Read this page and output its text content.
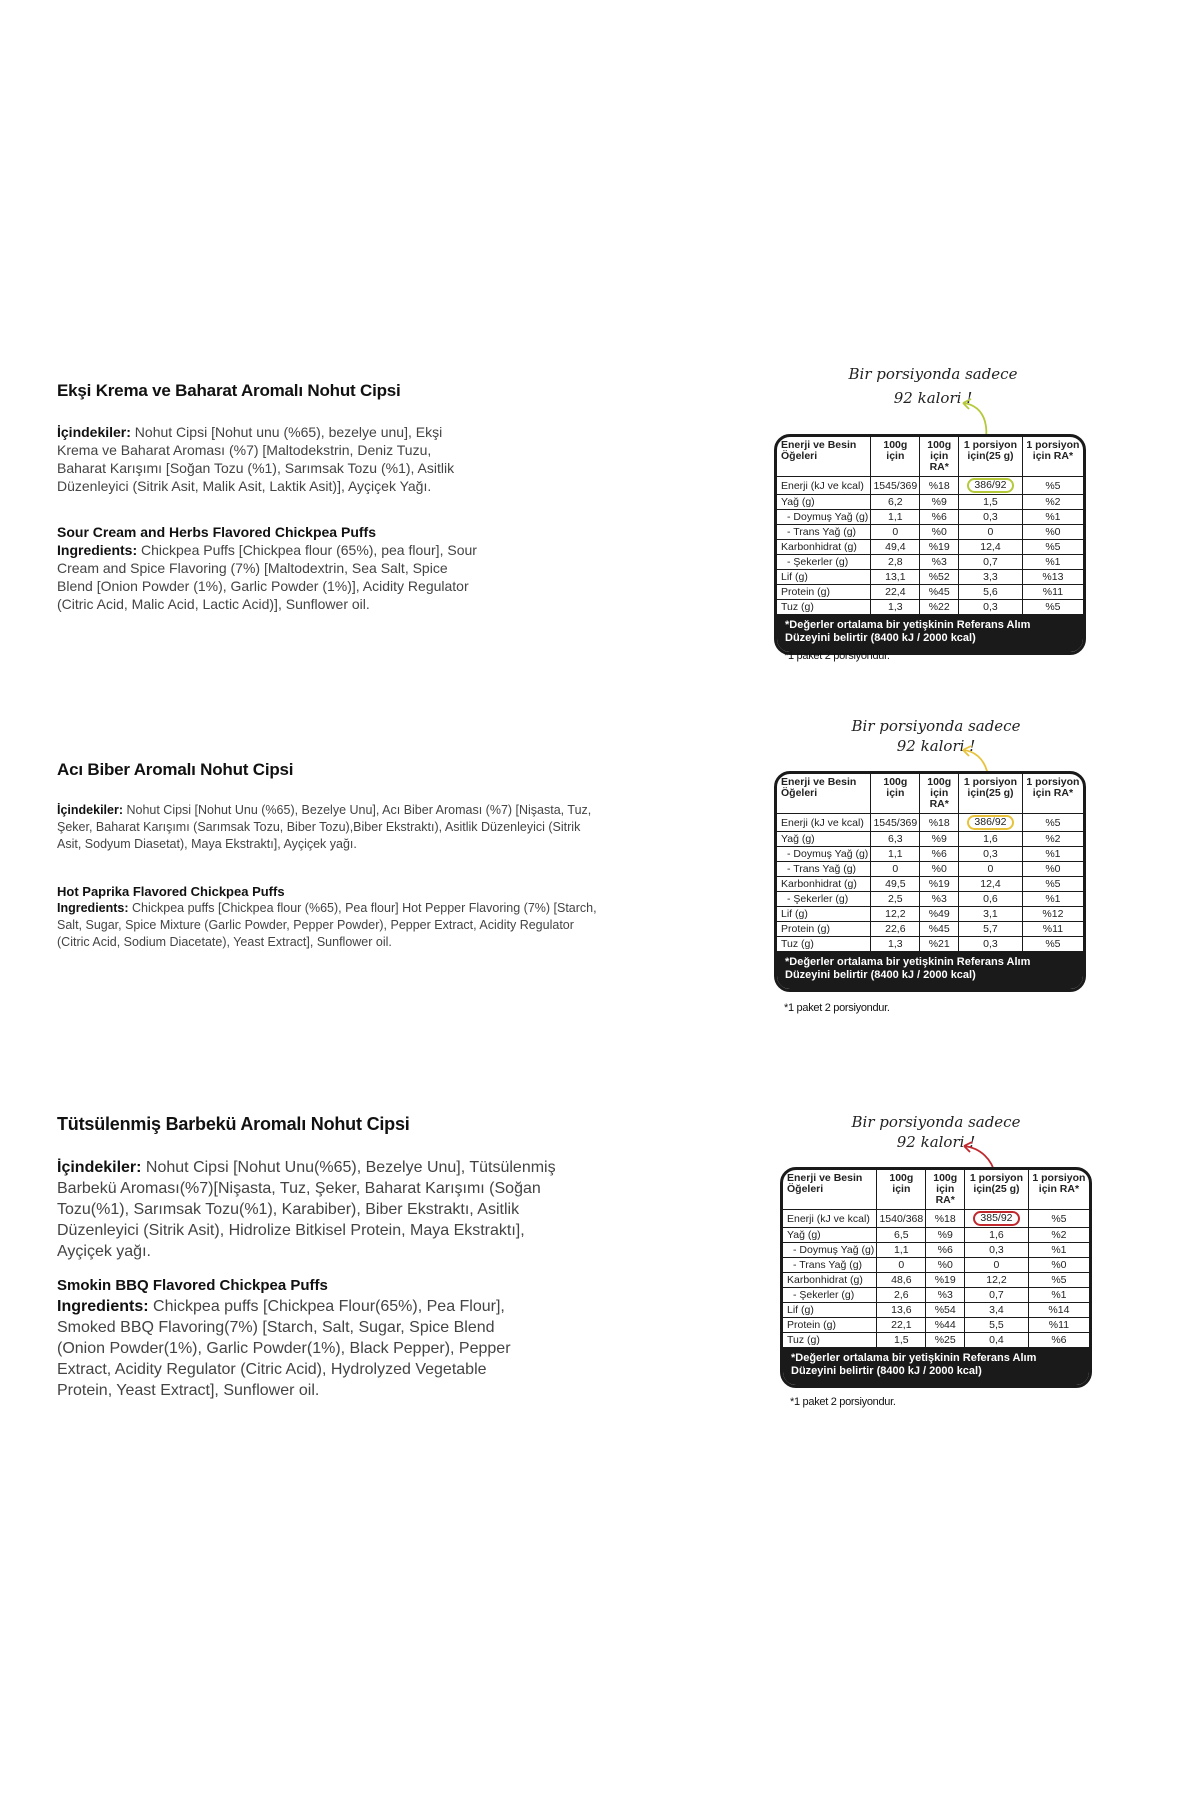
Ekşi Krema ve Baharat Aromalı Nohut Cipsi

İçindekiler: Nohut Cipsi [Nohut unu (%65), bezelye unu], Ekşi Krema ve Baharat Aroması (%7) [Maltodekstrin, Deniz Tuzu, Baharat Karışımı [Soğan Tozu (%1), Sarımsak Tozu (%1), Asitlik Düzenleyici (Sitrik Asit, Malik Asit, Laktik Asit)], Ayçiçek Yağı.

Sour Cream and Herbs Flavored Chickpea Puffs

Ingredients: Chickpea Puffs [Chickpea flour (65%), pea flour], Sour Cream and Spice Flavoring (7%) [Maltodextrin, Sea Salt, Spice Blend [Onion Powder (1%), Garlic Powder (1%)], Acidity Regulator (Citric Acid, Malic Acid, Lactic Acid)], Sunflower oil.

Bir porsiyonda sadece
92 kalori !
Enerji ve Besin Öğeleri	100g için	100g için RA*	1 porsiyon için(25 g)	1 porsiyon için RA*
Enerji (kJ ve kcal)	1545/369	%18	386/92	%5
Yağ (g)	6,2	%9	1,5	%2
- Doymuş Yağ (g)	1,1	%6	0,3	%1
- Trans Yağ (g)	0	%0	0	%0
Karbonhidrat (g)	49,4	%19	12,4	%5
- Şekerler (g)	2,8	%3	0,7	%1
Lif (g)	13,1	%52	3,3	%13
Protein (g)	22,4	%45	5,6	%11
Tuz (g)	1,3	%22	0,3	%5
*Değerler ortalama bir yetişkinin Referans Alım Düzeyini belirtir (8400 kJ / 2000 kcal)
*1 paket 2 porsiyondur.
Acı Biber Aromalı Nohut Cipsi

İçindekiler: Nohut Cipsi [Nohut Unu (%65), Bezelye Unu], Acı Biber Aroması (%7) [Nişasta, Tuz, Şeker, Baharat Karışımı (Sarımsak Tozu, Biber Tozu),Biber Ekstraktı), Asitlik Düzenleyici (Sitrik Asit, Sodyum Diasetat), Maya Ekstraktı], Ayçiçek yağı.

Hot Paprika Flavored Chickpea Puffs

Ingredients: Chickpea puffs [Chickpea flour (%65), Pea flour] Hot Pepper Flavoring (7%) [Starch, Salt, Sugar, Spice Mixture (Garlic Powder, Pepper Powder), Pepper Extract, Acidity Regulator (Citric Acid, Sodium Diacetate), Yeast Extract], Sunflower oil.

Bir porsiyonda sadece
92 kalori !
Enerji ve Besin Öğeleri	100g için	100g için RA*	1 porsiyon için(25 g)	1 porsiyon için RA*
Enerji (kJ ve kcal)	1545/369	%18	386/92	%5
Yağ (g)	6,3	%9	1,6	%2
- Doymuş Yağ (g)	1,1	%6	0,3	%1
- Trans Yağ (g)	0	%0	0	%0
Karbonhidrat (g)	49,5	%19	12,4	%5
- Şekerler (g)	2,5	%3	0,6	%1
Lif (g)	12,2	%49	3,1	%12
Protein (g)	22,6	%45	5,7	%11
Tuz (g)	1,3	%21	0,3	%5
*Değerler ortalama bir yetişkinin Referans Alım Düzeyini belirtir (8400 kJ / 2000 kcal)
*1 paket 2 porsiyondur.
Tütsülenmiş Barbekü Aromalı Nohut Cipsi

İçindekiler: Nohut Cipsi [Nohut Unu(%65), Bezelye Unu], Tütsülenmiş Barbekü Aroması(%7)[Nişasta, Tuz, Şeker, Baharat Karışımı (Soğan Tozu(%1), Sarımsak Tozu(%1), Karabiber), Biber Ekstraktı, Asitlik Düzenleyici (Sitrik Asit), Hidrolize Bitkisel Protein, Maya Ekstraktı], Ayçiçek yağı.

Smokin BBQ Flavored Chickpea Puffs

Ingredients: Chickpea puffs [Chickpea Flour(65%), Pea Flour], Smoked BBQ Flavoring(7%) [Starch, Salt, Sugar, Spice Blend (Onion Powder(1%), Garlic Powder(1%), Black Pepper), Pepper Extract, Acidity Regulator (Citric Acid), Hydrolyzed Vegetable Protein, Yeast Extract], Sunflower oil.

Bir porsiyonda sadece
92 kalori !
Enerji ve Besin Öğeleri	100g için	100g için RA*	1 porsiyon için(25 g)	1 porsiyon için RA*
Enerji (kJ ve kcal)	1540/368	%18	385/92	%5
Yağ (g)	6,5	%9	1,6	%2
- Doymuş Yağ (g)	1,1	%6	0,3	%1
- Trans Yağ (g)	0	%0	0	%0
Karbonhidrat (g)	48,6	%19	12,2	%5
- Şekerler (g)	2,6	%3	0,7	%1
Lif (g)	13,6	%54	3,4	%14
Protein (g)	22,1	%44	5,5	%11
Tuz (g)	1,5	%25	0,4	%6
*Değerler ortalama bir yetişkinin Referans Alım Düzeyini belirtir (8400 kJ / 2000 kcal)
*1 paket 2 porsiyondur.
